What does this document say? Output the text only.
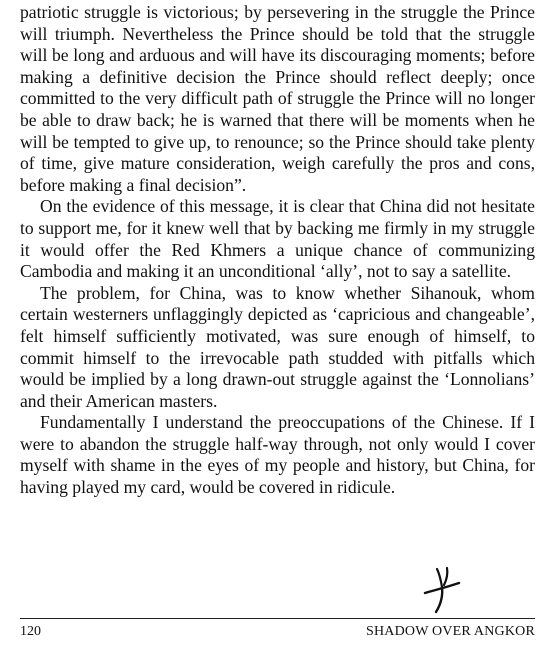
patriotic struggle is victorious; by persevering in the struggle the Prince will triumph. Nevertheless the Prince should be told that the struggle will be long and arduous and will have its discouraging moments; before making a definitive decision the Prince should reflect deeply; once committed to the very difficult path of struggle the Prince will no longer be able to draw back; he is warned that there will be moments when he will be tempted to give up, to renounce; so the Prince should take plenty of time, give mature consideration, weigh carefully the pros and cons, before making a final decision”.

On the evidence of this message, it is clear that China did not hesitate to support me, for it knew well that by backing me firmly in my struggle it would offer the Red Khmers a unique chance of communizing Cambodia and making it an unconditional ‘ally’, not to say a satellite.

The problem, for China, was to know whether Sihanouk, whom certain westerners unflaggingly depicted as ‘capricious and changeable’, felt himself sufficiently motivated, was sure enough of himself, to commit himself to the irrevocable path studded with pitfalls which would be implied by a long drawn-out struggle against the ‘Lonnolians’ and their American masters.

Fundamentally I understand the preoccupations of the Chinese. If I were to abandon the struggle half-way through, not only would I cover myself with shame in the eyes of my people and history, but China, for having played my card, would be covered in ridicule.

120	SHADOW OVER ANGKOR
